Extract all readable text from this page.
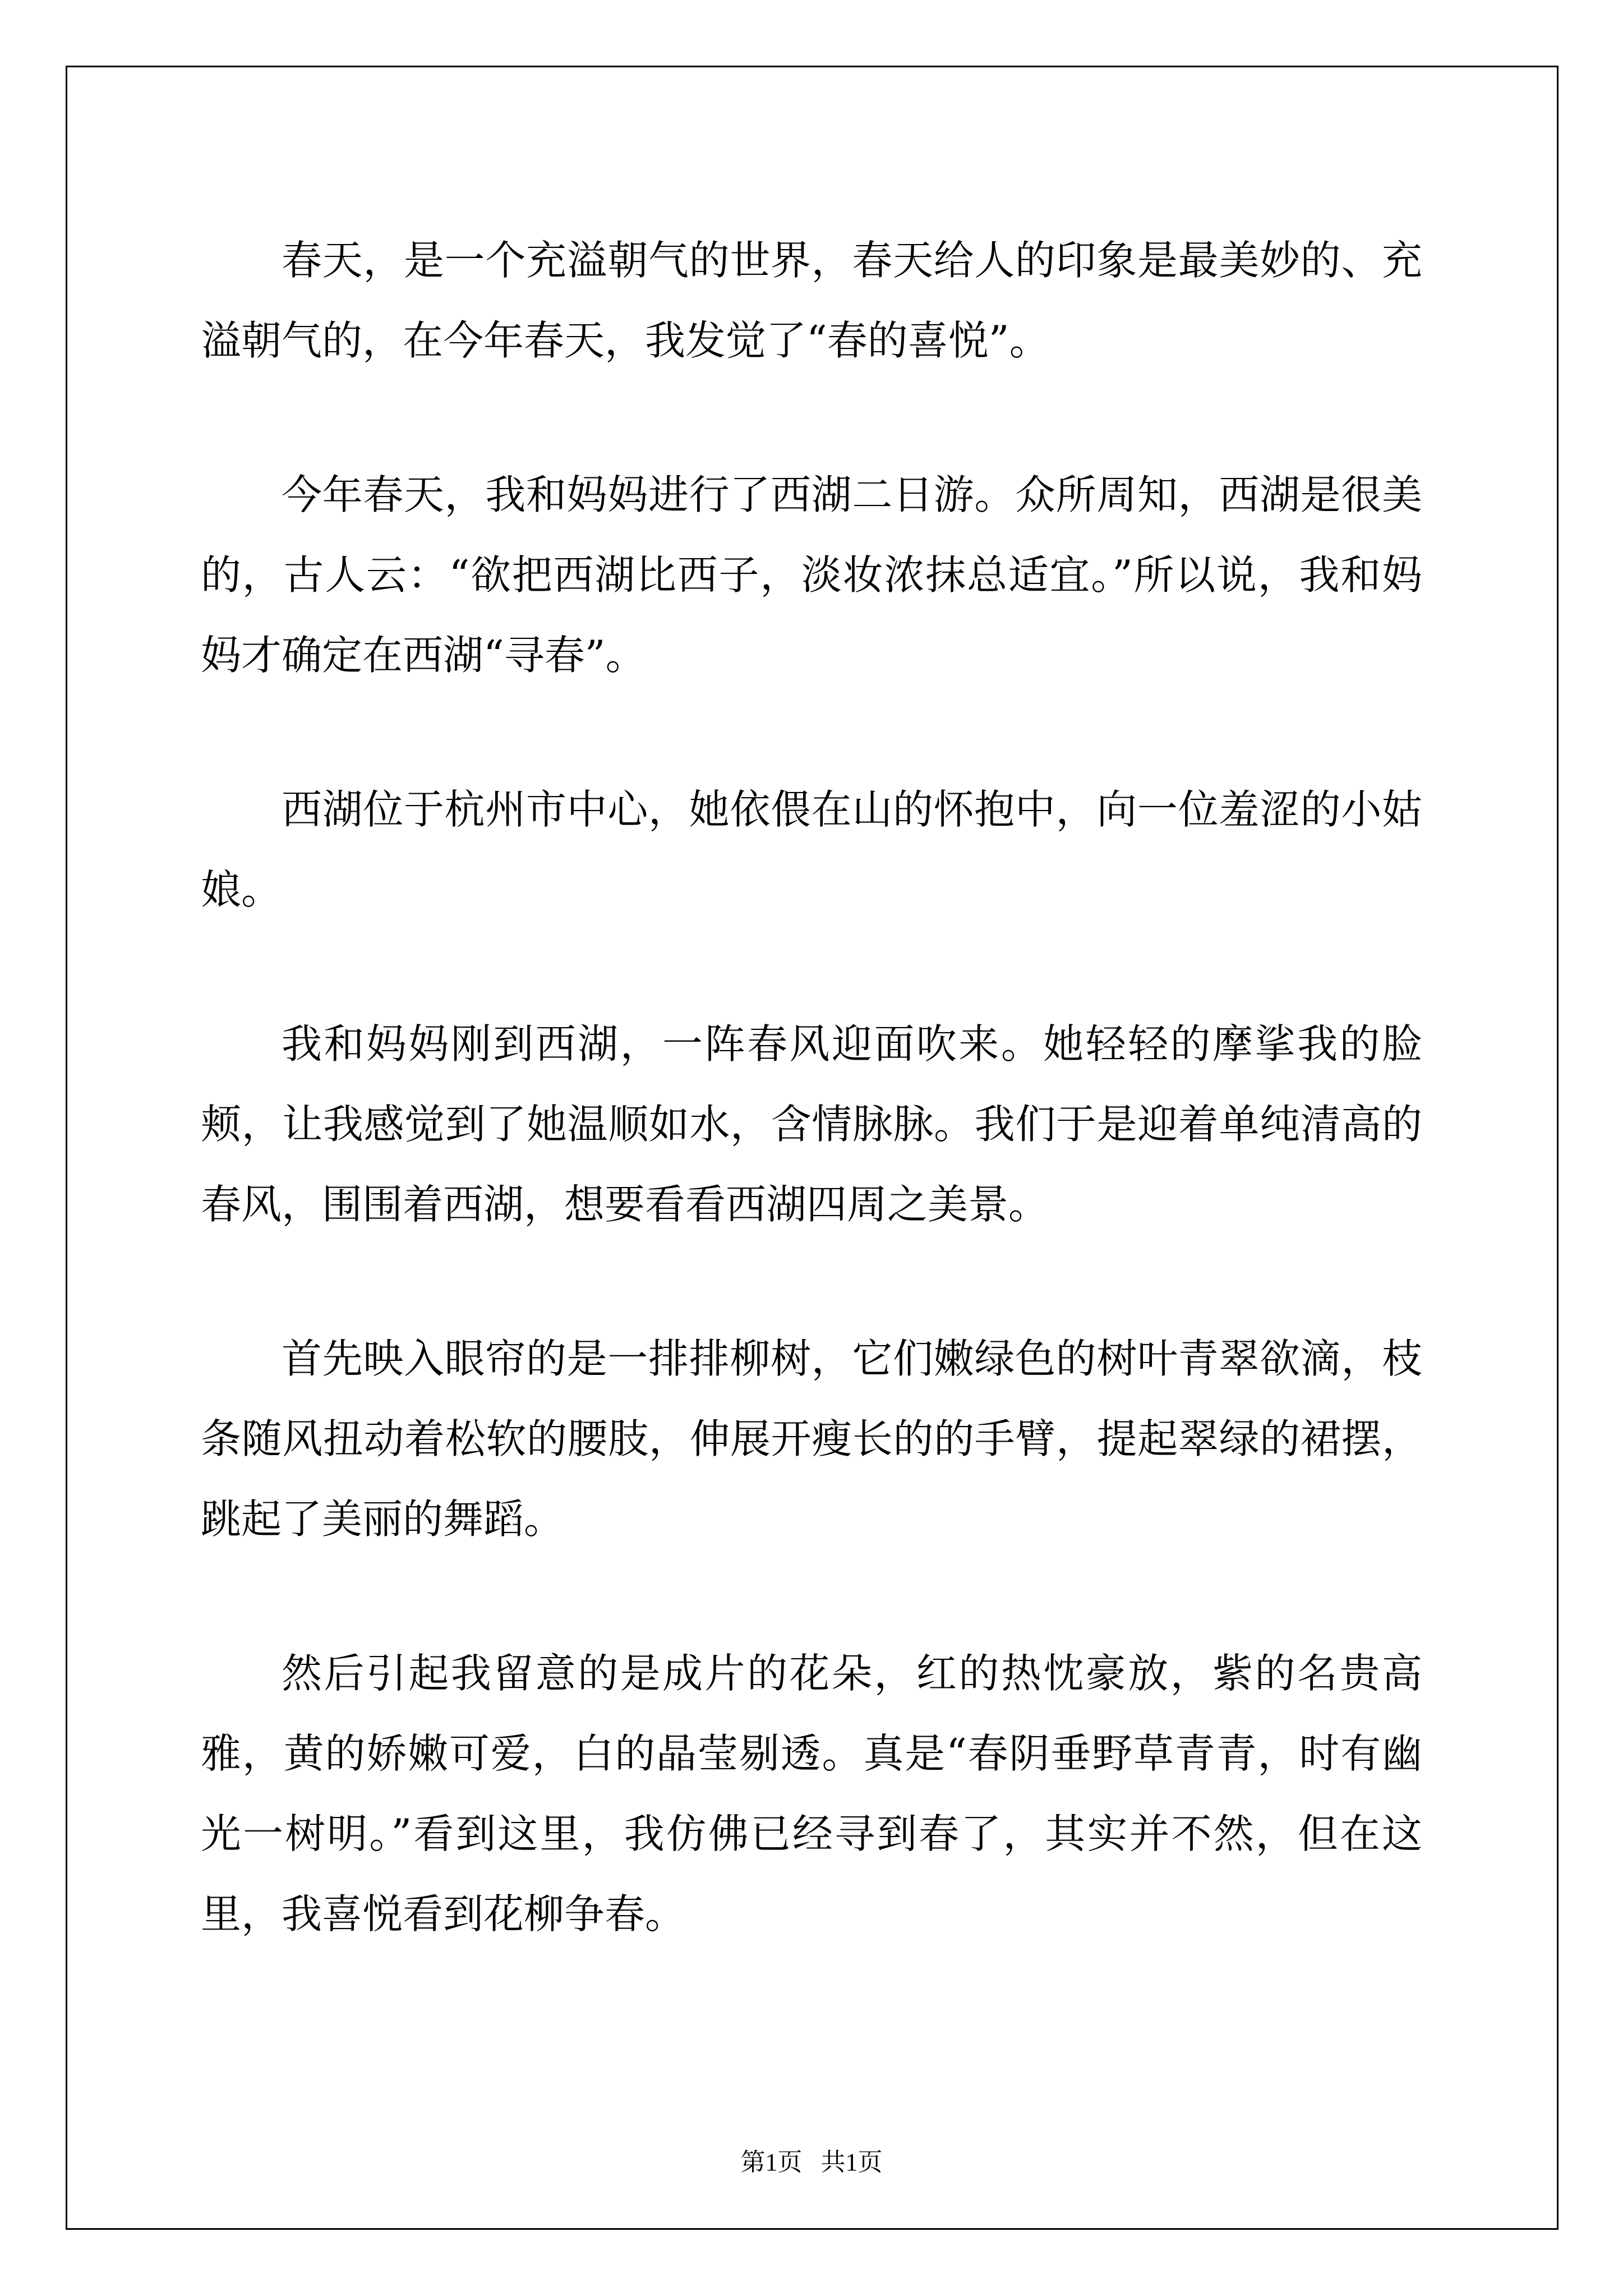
春天，是一个充溢朝气的世界，春天给人的印象是最美妙的、充溢朝气的，在今年春天，我发觉了“春的喜悦”。

今年春天，我和妈妈进行了西湖二日游。众所周知，西湖是很美的，古人云：“欲把西湖比西子，淡妆浓抹总适宜。”所以说，我和妈妈才确定在西湖“寻春”。

西湖位于杭州市中心，她依偎在山的怀抱中，向一位羞涩的小姑娘。

我和妈妈刚到西湖，一阵春风迎面吹来。她轻轻的摩挲我的脸颊，让我感觉到了她温顺如水，含情脉脉。我们于是迎着单纯清高的春风，围围着西湖，想要看看西湖四周之美景。

首先映入眼帘的是一排排柳树，它们嫩绿色的树叶青翠欲滴，枝条随风扭动着松软的腰肢，伸展开瘦长的的手臂，提起翠绿的裙摆，跳起了美丽的舞蹈。

然后引起我留意的是成片的花朵，红的热忱豪放，紫的名贵高雅，黄的娇嫩可爱，白的晶莹剔透。真是“春阴垂野草青青，时有幽光一树明。”看到这里，我仿佛已经寻到春了，其实并不然，但在这里，我喜悦看到花柳争春。

第1页 共1页
